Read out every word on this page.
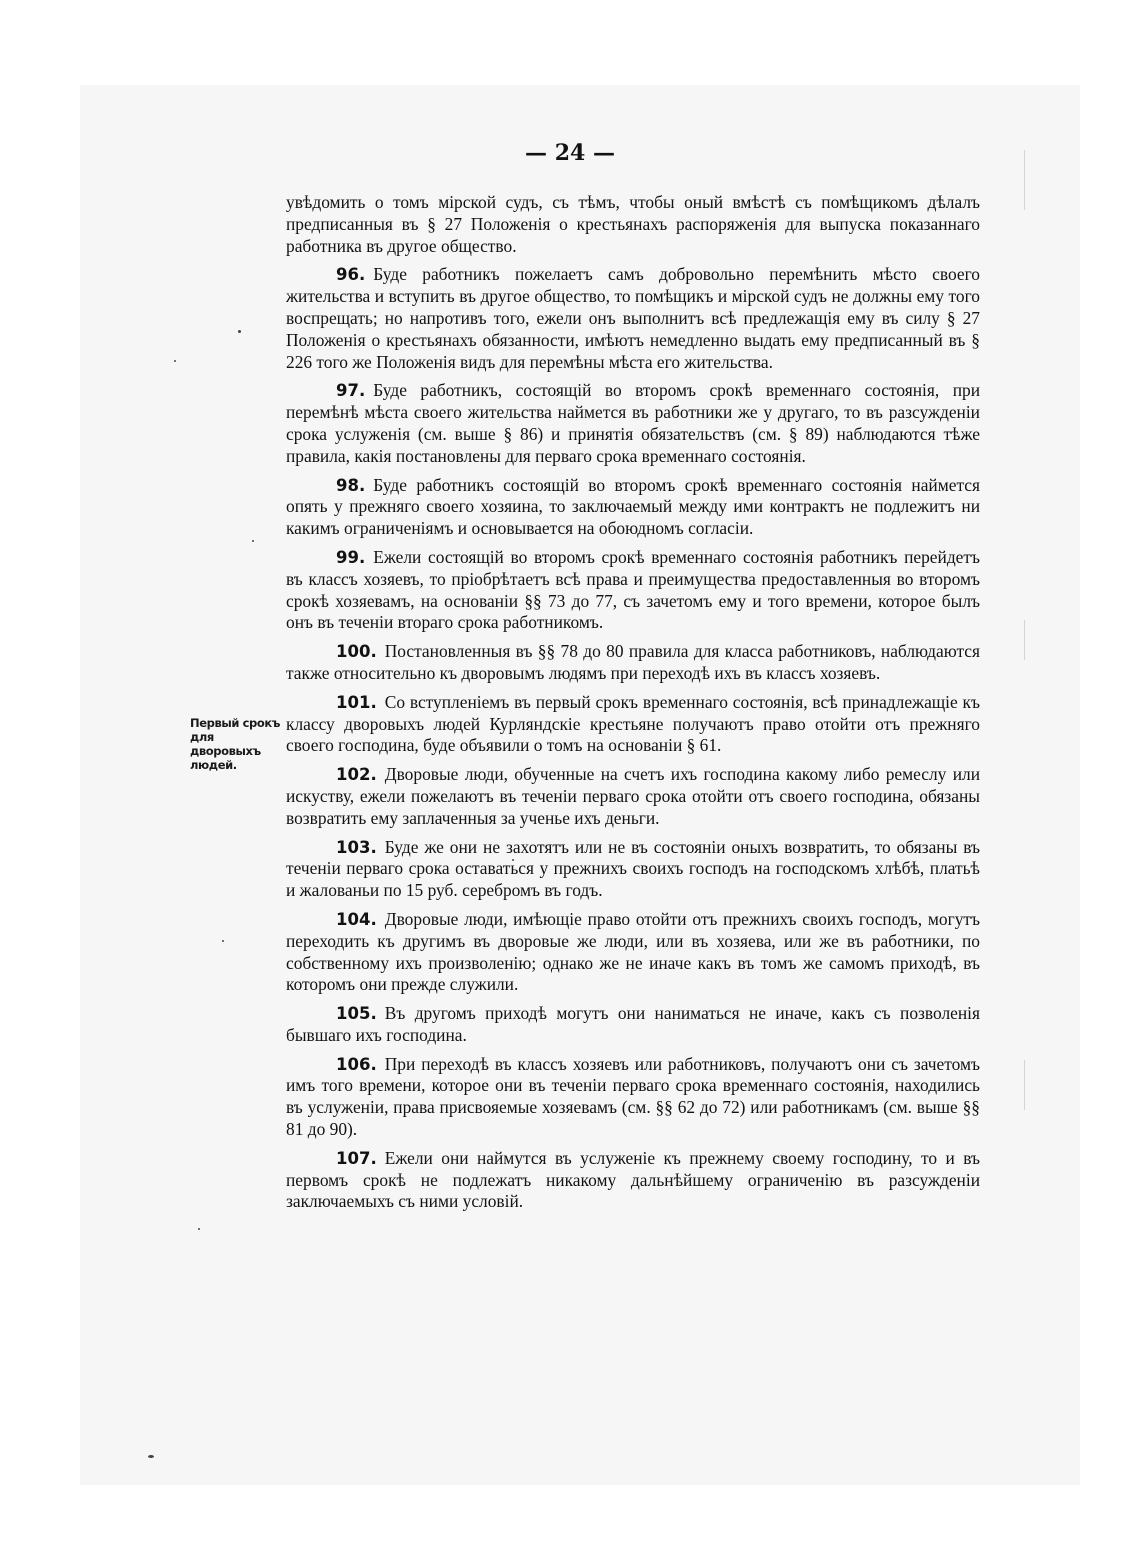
— 24 —
Первый срокъ для дворовыхъ людей.

увѣдомить о томъ мірской судъ, съ тѣмъ, чтобы оный вмѣстѣ съ помѣщикомъ дѣлалъ предписанныя въ § 27 Положенія о крестьянахъ распоряженія для выпуска показаннаго работника въ другое общество.

96. Буде работникъ пожелаетъ самъ добровольно перемѣнить мѣсто своего жительства и вступить въ другое общество, то помѣщикъ и мірской судъ не должны ему того воспрещать; но напротивъ того, ежели онъ выполнитъ всѣ предлежащія ему въ силу § 27 Положенія о крестьянахъ обязанности, имѣютъ немедленно выдать ему предписанный въ § 226 того же Положенія видъ для перемѣны мѣста его жительства.

97. Буде работникъ, состоящій во второмъ срокѣ временнаго состоянія, при перемѣнѣ мѣста своего жительства наймется въ работники же у другаго, то въ разсужденіи срока услуженія (см. выше § 86) и принятія обязательствъ (см. § 89) наблюдаются тѣже правила, какія постановлены для перваго срока временнаго состоянія.

98. Буде работникъ состоящій во второмъ срокѣ временнаго состоянія наймется опять у прежняго своего хозяина, то заключаемый между ими контрактъ не подлежитъ ни какимъ ограниченіямъ и основывается на обоюдномъ согласіи.

99. Ежели состоящій во второмъ срокѣ временнаго состоянія работникъ перейдетъ въ классъ хозяевъ, то пріобрѣтаетъ всѣ права и преимущества предоставленныя во второмъ срокѣ хозяевамъ, на основаніи §§ 73 до 77, съ зачетомъ ему и того времени, которое былъ онъ въ теченіи втораго срока работникомъ.

100. Постановленныя въ §§ 78 до 80 правила для класса работниковъ, наблюдаются также относительно къ дворовымъ людямъ при переходѣ ихъ въ классъ хозяевъ.

101. Со вступленіемъ въ первый срокъ временнаго состоянія, всѣ принадлежащіе къ классу дворовыхъ людей Курляндскіе крестьяне получаютъ право отойти отъ прежняго своего господина, буде объявили о томъ на основаніи § 61.

102. Дворовые люди, обученные на счетъ ихъ господина какому либо ремеслу или искуству, ежели пожелаютъ въ теченіи перваго срока отойти отъ своего господина, обязаны возвратить ему заплаченныя за ученье ихъ деньги.

103. Буде же они не захотятъ или не въ состояніи оныхъ возвратить, то обязаны въ теченіи перваго срока оставаться у прежнихъ своихъ господъ на господскомъ хлѣбѣ, платьѣ и жалованьи по 15 руб. серебромъ въ годъ.

104. Дворовые люди, имѣющіе право отойти отъ прежнихъ своихъ господъ, могутъ переходить къ другимъ въ дворовые же люди, или въ хозяева, или же въ работники, по собственному ихъ произволенію; однако же не иначе какъ въ томъ же самомъ приходѣ, въ которомъ они прежде служили.

105. Въ другомъ приходѣ могутъ они наниматься не иначе, какъ съ позволенія бывшаго ихъ господина.

106. При переходѣ въ классъ хозяевъ или работниковъ, получаютъ они съ зачетомъ имъ того времени, которое они въ теченіи перваго срока временнаго состоянія, находились въ услуженіи, права присвояемые хозяевамъ (см. §§ 62 до 72) или работникамъ (см. выше §§ 81 до 90).

107. Ежели они наймутся въ услуженіе къ прежнему своему господину, то и въ первомъ срокѣ не подлежатъ никакому дальнѣйшему ограниченію въ разсужденіи заключаемыхъ съ ними условій.
